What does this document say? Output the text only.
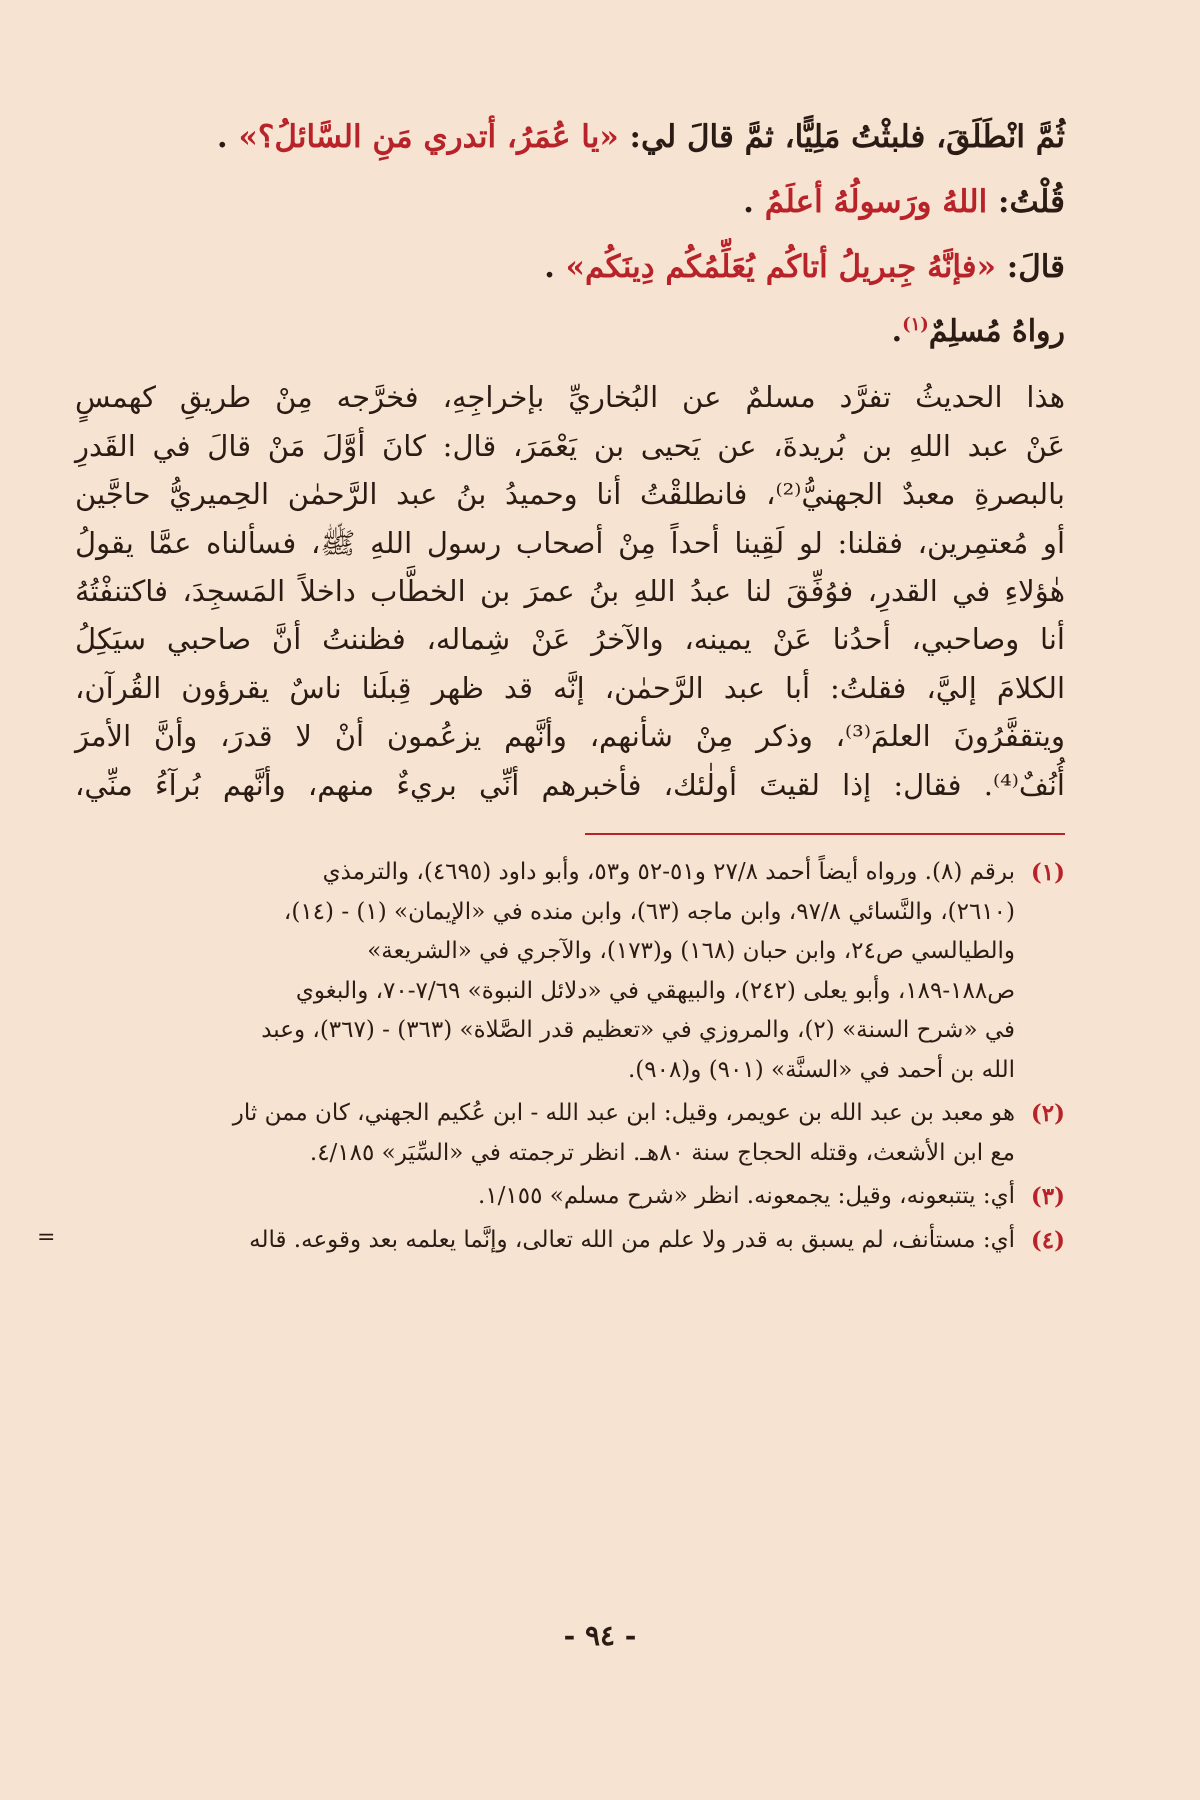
ثُمَّ انْطَلَقَ، فلبثْتُ مَلِيًّا، ثمَّ قالَ لي: «يا عُمَرُ، أتدري مَنِ السَّائلُ؟» .

قُلْتُ: اللهُ ورَسولُهُ أعلَمُ .

قالَ: «فإنَّهُ جِبريلُ أتاكُم يُعَلِّمُكُم دِينَكُم» .

رواهُ مُسلِمٌ$^{(١)}$.

هذا الحديثُ تفرَّد مسلمٌ عن البُخاريِّ بإخراجِهِ، فخرَّجه مِنْ طريقِ كهمسٍ

عَنْ عبد اللهِ بن بُريدةَ، عن يَحيى بن يَعْمَرَ، قال: كانَ أوَّلَ مَنْ قالَ في القَدرِ

بالبصرةِ معبدٌ الجهنيُّ⁽²⁾، فانطلقْتُ أنا وحميدُ بنُ عبد الرَّحمٰن الحِميريُّ حاجَّين

أو مُعتمِرين، فقلنا: لو لَقِينا أحداً مِنْ أصحاب رسول اللهِ ﷺ، فسألناه عمَّا يقولُ

هٰؤلاءِ في القدرِ، فوُفِّقَ لنا عبدُ اللهِ بنُ عمرَ بن الخطَّاب داخلاً المَسجِدَ، فاكتنفْتُهُ

أنا وصاحبي، أحدُنا عَنْ يمينه، والآخرُ عَنْ شِماله، فظننتُ أنَّ صاحبي سيَكِلُ

الكلامَ إليَّ، فقلتُ: أبا عبد الرَّحمٰن، إنَّه قد ظهر قِبلَنا ناسٌ يقرؤون القُرآن،

ويتقفَّرُونَ العلمَ⁽³⁾، وذكر مِنْ شأنهم، وأنَّهم يزعُمون أنْ لا قدرَ، وأنَّ الأمرَ

أُنُفٌ⁽⁴⁾. فقال: إذا لقيتَ أولٰئك، فأخبرهم أنِّي بريءٌ منهم، وأنَّهم بُرآءُ منِّي،

(١)
برقم (٨). ورواه أيضاً أحمد ٢٧/٨ و٥١-٥٢ و٥٣، وأبو داود (٤٦٩٥)، والترمذي
(٢٦١٠)، والنَّسائي ٩٧/٨، وابن ماجه (٦٣)، وابن منده في «الإيمان» (١) - (١٤)،
والطيالسي ص٢٤، وابن حبان (١٦٨) و(١٧٣)، والآجري في «الشريعة»
ص١٨٨-١٨٩، وأبو يعلى (٢٤٢)، والبيهقي في «دلائل النبوة» ٧/٦٩-٧٠، والبغوي
في «شرح السنة» (٢)، والمروزي في «تعظيم قدر الصَّلاة» (٣٦٣) - (٣٦٧)، وعبد
الله بن أحمد في «السنَّة» (٩٠١) و(٩٠٨).
(٢)
هو معبد بن عبد الله بن عويمر، وقيل: ابن عبد الله - ابن عُكيم الجهني، كان ممن ثار
مع ابن الأشعث، وقتله الحجاج سنة ٨٠هـ. انظر ترجمته في «السِّيَر» ٤/١٨٥.
(٣)
أي: يتتبعونه، وقيل: يجمعونه. انظر «شرح مسلم» ١/١٥٥.
(٤)
أي: مستأنف، لم يسبق به قدر ولا علم من الله تعالى، وإنَّما يعلمه بعد وقوعه. قاله
=
- ٩٤ -
